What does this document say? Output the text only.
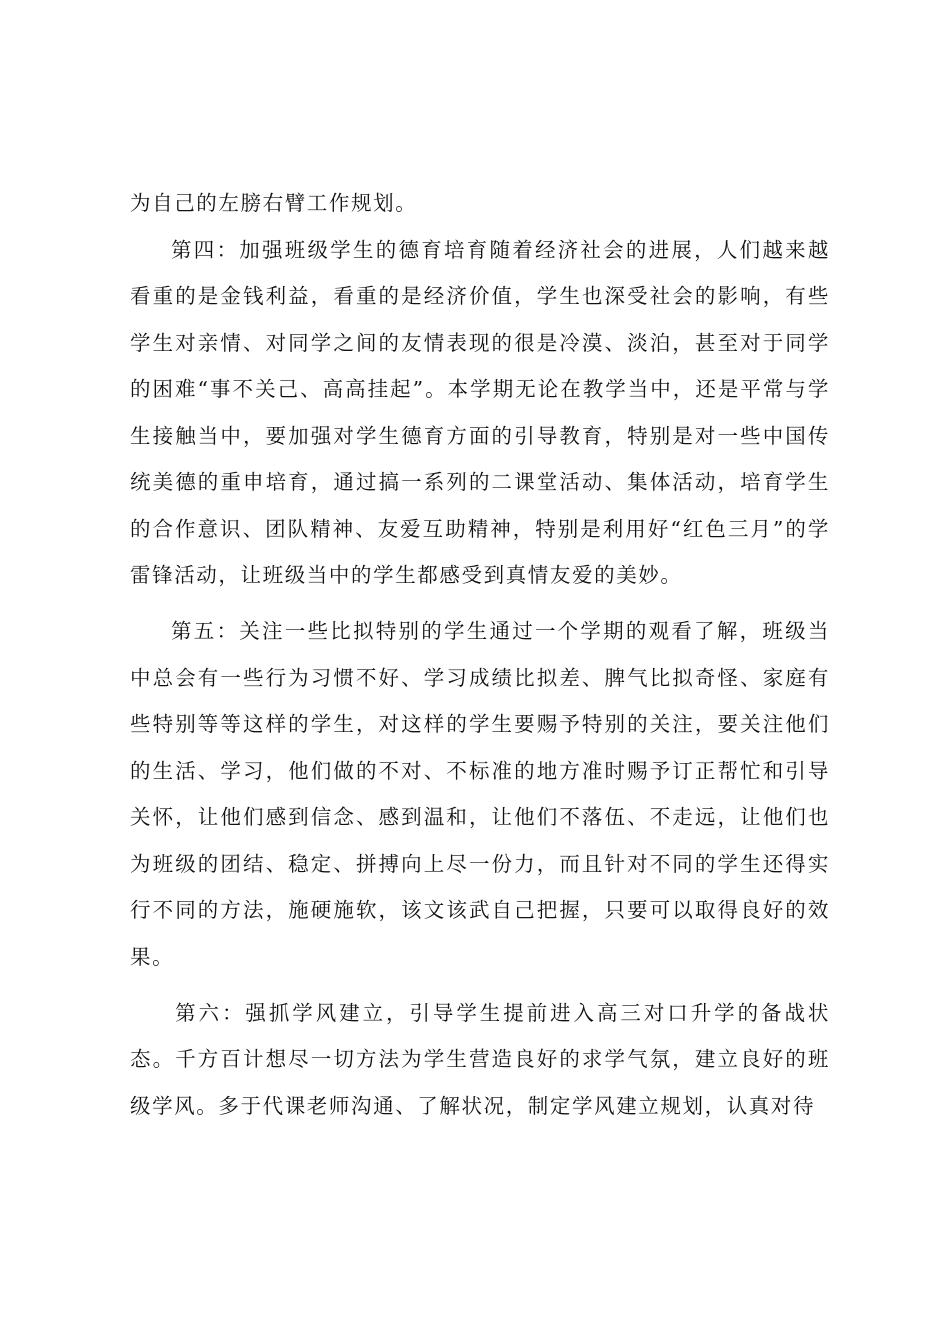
为自己的左膀右臂工作规划。

第四：加强班级学生的德育培育随着经济社会的进展，人们越来越看重的是金钱利益，看重的是经济价值，学生也深受社会的影响，有些学生对亲情、对同学之间的友情表现的很是冷漠、淡泊，甚至对于同学的困难“事不关己、高高挂起”。本学期无论在教学当中，还是平常与学生接触当中，要加强对学生德育方面的引导教育，特别是对一些中国传统美德的重申培育，通过搞一系列的二课堂活动、集体活动，培育学生的合作意识、团队精神、友爱互助精神，特别是利用好“红色三月”的学雷锋活动，让班级当中的学生都感受到真情友爱的美妙。

第五：关注一些比拟特别的学生通过一个学期的观看了解，班级当中总会有一些行为习惯不好、学习成绩比拟差、脾气比拟奇怪、家庭有些特别等等这样的学生，对这样的学生要赐予特别的关注，要关注他们的生活、学习，他们做的不对、不标准的地方准时赐予订正帮忙和引导关怀，让他们感到信念、感到温和，让他们不落伍、不走远，让他们也为班级的团结、稳定、拼搏向上尽一份力，而且针对不同的学生还得实行不同的方法，施硬施软，该文该武自己把握，只要可以取得良好的效果。

第六：强抓学风建立，引导学生提前进入高三对口升学的备战状态。千方百计想尽一切方法为学生营造良好的求学气氛，建立良好的班级学风。多于代课老师沟通、了解状况，制定学风建立规划，认真对待
